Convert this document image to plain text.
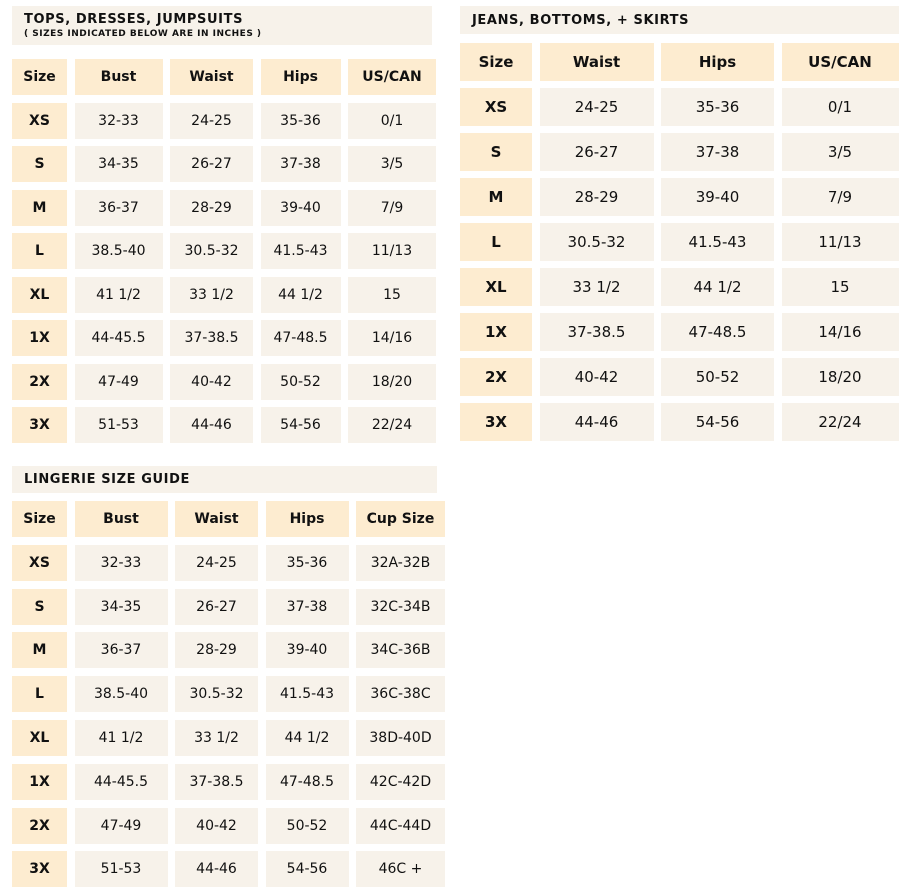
TOPS, DRESSES, JUMPSUITS
( SIZES INDICATED BELOW ARE IN INCHES )
Size	Bust	Waist	Hips	US/CAN
XS	32-33	24-25	35-36	0/1
S	34-35	26-27	37-38	3/5
M	36-37	28-29	39-40	7/9
L	38.5-40	30.5-32	41.5-43	11/13
XL	41 1/2	33 1/2	44 1/2	15
1X	44-45.5	37-38.5	47-48.5	14/16
2X	47-49	40-42	50-52	18/20
3X	51-53	44-46	54-56	22/24
JEANS, BOTTOMS, + SKIRTS
Size	Waist	Hips	US/CAN
XS	24-25	35-36	0/1
S	26-27	37-38	3/5
M	28-29	39-40	7/9
L	30.5-32	41.5-43	11/13
XL	33 1/2	44 1/2	15
1X	37-38.5	47-48.5	14/16
2X	40-42	50-52	18/20
3X	44-46	54-56	22/24
LINGERIE SIZE GUIDE
Size	Bust	Waist	Hips	Cup Size
XS	32-33	24-25	35-36	32A-32B
S	34-35	26-27	37-38	32C-34B
M	36-37	28-29	39-40	34C-36B
L	38.5-40	30.5-32	41.5-43	36C-38C
XL	41 1/2	33 1/2	44 1/2	38D-40D
1X	44-45.5	37-38.5	47-48.5	42C-42D
2X	47-49	40-42	50-52	44C-44D
3X	51-53	44-46	54-56	46C +
